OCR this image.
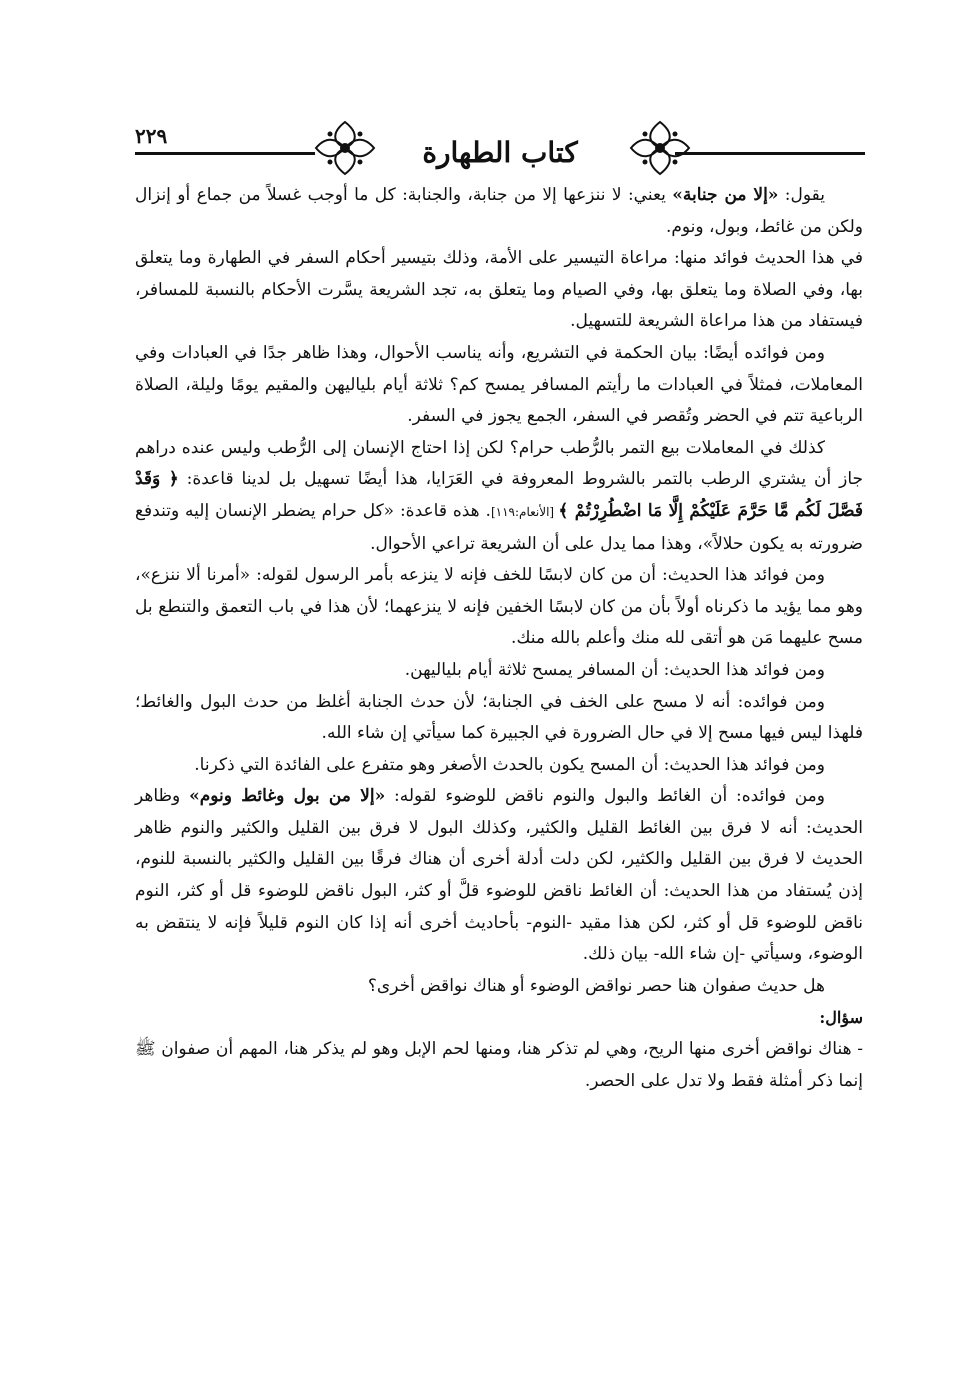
٢٢٩	كتاب الطهارة

يقول: «إلا من جنابة» يعني: لا ننزعها إلا من جنابة، والجنابة: كل ما أوجب غسلاً من جماع أو إنزال ولكن من غائط، وبول، ونوم.

في هذا الحديث فوائد منها: مراعاة التيسير على الأمة، وذلك بتيسير أحكام السفر في الطهارة وما يتعلق بها، وفي الصلاة وما يتعلق بها، وفي الصيام وما يتعلق به، تجد الشريعة يسَّرت الأحكام بالنسبة للمسافر، فيستفاد من هذا مراعاة الشريعة للتسهيل.

ومن فوائده أيضًا: بيان الحكمة في التشريع، وأنه يناسب الأحوال، وهذا ظاهر جدًا في العبادات وفي المعاملات، فمثلاً في العبادات ما رأيتم المسافر يمسح كم؟ ثلاثة أيام بلياليهن والمقيم يومًا وليلة، الصلاة الرباعية تتم في الحضر وتُقصر في السفر، الجمع يجوز في السفر.

كذلك في المعاملات بيع التمر بالرُّطب حرام؟ لكن إذا احتاج الإنسان إلى الرُّطب وليس عنده دراهم جاز أن يشتري الرطب بالتمر بالشروط المعروفة في العَرَايا، هذا أيضًا تسهيل بل لدينا قاعدة: ﴿ وَقَدْ فَصَّلَ لَكُم مَّا حَرَّمَ عَلَيْكُمْ إِلَّا مَا اضْطُرِرْتُمْ ﴾ [الأنعام:١١٩]. هذه قاعدة: «كل حرام يضطر الإنسان إليه وتندفع ضرورته به يكون حلالاً»، وهذا مما يدل على أن الشريعة تراعي الأحوال.

ومن فوائد هذا الحديث: أن من كان لابسًا للخف فإنه لا ينزعه بأمر الرسول لقوله: «أمرنا ألا ننزع»، وهو مما يؤيد ما ذكرناه أولاً بأن من كان لابسًا الخفين فإنه لا ينزعهما؛ لأن هذا في باب التعمق والتنطع بل مسح عليهما مَن هو أتقى لله منك وأعلم بالله منك.

ومن فوائد هذا الحديث: أن المسافر يمسح ثلاثة أيام بلياليهن.

ومن فوائده: أنه لا مسح على الخف في الجنابة؛ لأن حدث الجنابة أغلظ من حدث البول والغائط؛ فلهذا ليس فيها مسح إلا في حال الضرورة في الجبيرة كما سيأتي إن شاء الله.

ومن فوائد هذا الحديث: أن المسح يكون بالحدث الأصغر وهو متفرع على الفائدة التي ذكرنا.

ومن فوائده: أن الغائط والبول والنوم ناقض للوضوء لقوله: «إلا من بول وغائط ونوم» وظاهر الحديث: أنه لا فرق بين الغائط القليل والكثير، وكذلك البول لا فرق بين القليل والكثير والنوم ظاهر الحديث لا فرق بين القليل والكثير، لكن دلت أدلة أخرى أن هناك فرقًا بين القليل والكثير بالنسبة للنوم، إذن يُستفاد من هذا الحديث: أن الغائط ناقض للوضوء قلَّ أو كثر، البول ناقض للوضوء قل أو كثر، النوم ناقض للوضوء قل أو كثر، لكن هذا مقيد -النوم- بأحاديث أخرى أنه إذا كان النوم قليلاً فإنه لا ينتقض به الوضوء، وسيأتي -إن شاء الله- بيان ذلك.

هل حديث صفوان هنا حصر نواقض الوضوء أو هناك نواقض أخرى؟

سؤال:

- هناك نواقض أخرى منها الريح، وهي لم تذكر هنا، ومنها لحم الإبل وهو لم يذكر هنا، المهم أن صفوان ﷺ إنما ذكر أمثلة فقط ولا تدل على الحصر.
